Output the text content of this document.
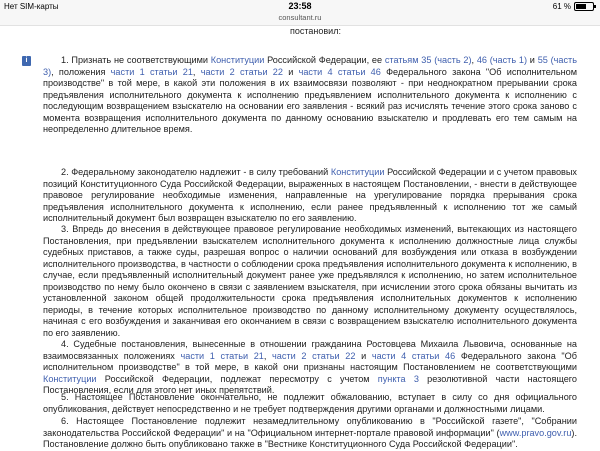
Нет SIM-карты	23:58	61 %
consultant.ru
постановил:
i	1. Признать не соответствующими Конституции Российской Федерации, ее статьям 35 (часть 2), 46 (часть 1) и 55 (часть 3), положения части 1 статьи 21, части 2 статьи 22 и части 4 статьи 46 Федерального закона "Об исполнительном производстве" в той мере, в какой эти положения в их взаимосвязи позволяют - при неоднократном прерывании срока предъявления исполнительного документа к исполнению предъявлением исполнительного документа к исполнению с последующим возвращением взыскателю на основании его заявления - всякий раз исчислять течение этого срока заново с момента возвращения исполнительного документа по данному основанию взыскателю и продлевать его тем самым на неопределенно длительное время.

2. Федеральному законодателю надлежит - в силу требований Конституции Российской Федерации и с учетом правовых позиций Конституционного Суда Российской Федерации, выраженных в настоящем Постановлении, - внести в действующее правовое регулирование необходимые изменения, направленные на урегулирование порядка прерывания срока предъявления исполнительного документа к исполнению, если ранее предъявленный к исполнению тот же самый исполнительный документ был возвращен взыскателю по его заявлению.

3. Впредь до внесения в действующее правовое регулирование необходимых изменений, вытекающих из настоящего Постановления, при предъявлении взыскателем исполнительного документа к исполнению должностные лица службы судебных приставов, а также суды, разрешая вопрос о наличии оснований для возбуждения или отказа в возбуждении исполнительного производства, в частности о соблюдении срока предъявления исполнительного документа к исполнению, в случае, если предъявленный исполнительный документ ранее уже предъявлялся к исполнению, но затем исполнительное производство по нему было окончено в связи с заявлением взыскателя, при исчислении этого срока обязаны вычитать из установленной законом общей продолжительности срока предъявления исполнительных документов к исполнению периоды, в течение которых исполнительное производство по данному исполнительному документу осуществлялось, начиная с его возбуждения и заканчивая его окончанием в связи с возвращением взыскателю исполнительного документа по его заявлению.

4. Судебные постановления, вынесенные в отношении гражданина Ростовцева Михаила Львовича, основанные на взаимосвязанных положениях части 1 статьи 21, части 2 статьи 22 и части 4 статьи 46 Федерального закона "Об исполнительном производстве" в той мере, в какой они признаны настоящим Постановлением не соответствующими Конституции Российской Федерации, подлежат пересмотру с учетом пункта 3 резолютивной части настоящего Постановления, если для этого нет иных препятствий.

5. Настоящее Постановление окончательно, не подлежит обжалованию, вступает в силу со дня официального опубликования, действует непосредственно и не требует подтверждения другими органами и должностными лицами.

6. Настоящее Постановление подлежит незамедлительному опубликованию в "Российской газете", "Собрании законодательства Российской Федерации" и на "Официальном интернет-портале правовой информации" (www.pravo.gov.ru). Постановление должно быть опубликовано также в "Вестнике Конституционного Суда Российской Федерации".
